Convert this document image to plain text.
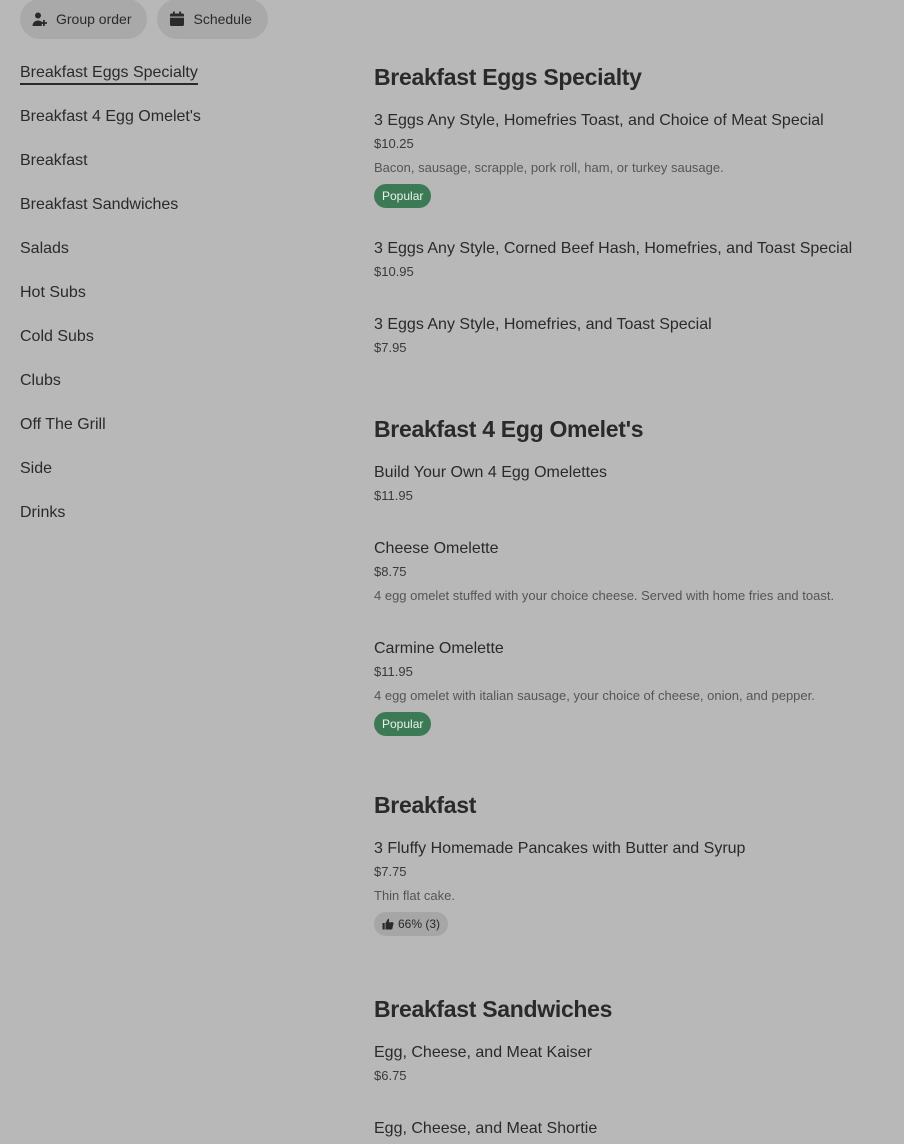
Group order	Schedule
Breakfast Eggs Specialty
Breakfast 4 Egg Omelet's
Breakfast
Breakfast Sandwiches
Salads
Hot Subs
Cold Subs
Clubs
Off The Grill
Side
Drinks
Breakfast Eggs Specialty
3 Eggs Any Style, Homefries Toast, and Choice of Meat Special
$10.25
Bacon, sausage, scrapple, pork roll, ham, or turkey sausage.
Popular
3 Eggs Any Style, Corned Beef Hash, Homefries, and Toast Special
$10.95
3 Eggs Any Style, Homefries, and Toast Special
$7.95
Breakfast 4 Egg Omelet's
Build Your Own 4 Egg Omelettes
$11.95
Cheese Omelette
$8.75
4 egg omelet stuffed with your choice cheese. Served with home fries and toast.
Carmine Omelette
$11.95
4 egg omelet with italian sausage, your choice of cheese, onion, and pepper.
Popular
Breakfast
3 Fluffy Homemade Pancakes with Butter and Syrup
$7.75
Thin flat cake.
66% (3)
Breakfast Sandwiches
Egg, Cheese, and Meat Kaiser
$6.75
Egg, Cheese, and Meat Shortie
